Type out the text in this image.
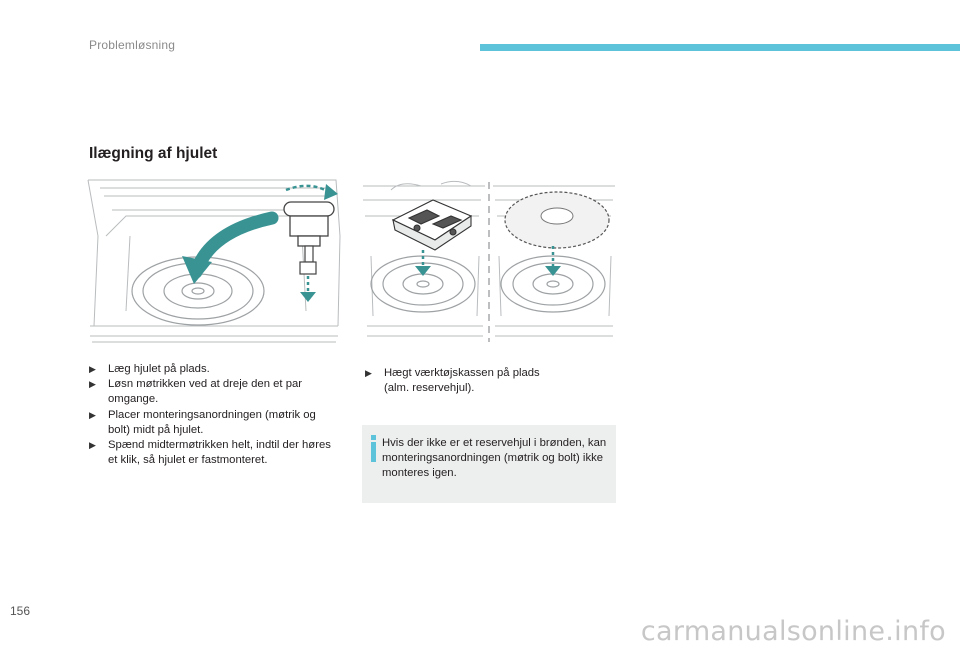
Problemløsning
Ilægning af hjulet
▶ Læg hjulet på plads.
▶ Løsn møtrikken ved at dreje den et par omgange.
▶ Placer monteringsanordningen (møtrik og bolt) midt på hjulet.
▶ Spænd midtermøtrikken helt, indtil der høres et klik, så hjulet er fastmonteret.
▶ Hægt værktøjskassen på plads (alm. reservehjul).
Hvis der ikke er et reservehjul i brønden, kan monteringsanordningen (møtrik og bolt) ikke monteres igen.
156
carmanualsonline.info
